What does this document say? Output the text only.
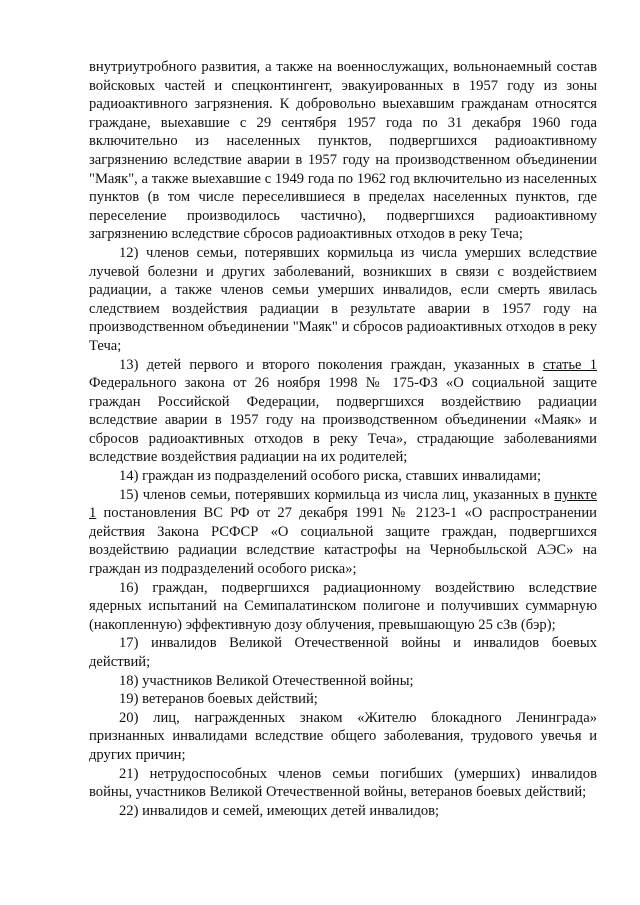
внутриутробного развития, а также на военнослужащих, вольнонаемный состав войсковых частей и спецконтингент, эвакуированных в 1957 году из зоны радиоактивного загрязнения. К добровольно выехавшим гражданам относятся граждане, выехавшие с 29 сентября 1957 года по 31 декабря 1960 года включительно из населенных пунктов, подвергшихся радиоактивному загрязнению вследствие аварии в 1957 году на производственном объединении "Маяк", а также выехавшие с 1949 года по 1962 год включительно из населенных пунктов (в том числе переселившиеся в пределах населенных пунктов, где переселение производилось частично), подвергшихся радиоактивному загрязнению вследствие сбросов радиоактивных отходов в реку Теча;

12) членов семьи, потерявших кормильца из числа умерших вследствие лучевой болезни и других заболеваний, возникших в связи с воздействием радиации, а также членов семьи умерших инвалидов, если смерть явилась следствием воздействия радиации в результате аварии в 1957 году на производственном объединении "Маяк" и сбросов радиоактивных отходов в реку Теча;

13) детей первого и второго поколения граждан, указанных в статье 1 Федерального закона от 26 ноября 1998 № 175-ФЗ «О социальной защите граждан Российской Федерации, подвергшихся воздействию радиации вследствие аварии в 1957 году на производственном объединении «Маяк» и сбросов радиоактивных отходов в реку Теча», страдающие заболеваниями вследствие воздействия радиации на их родителей;

14) граждан из подразделений особого риска, ставших инвалидами;

15) членов семьи, потерявших кормильца из числа лиц, указанных в пункте 1 постановления ВС РФ от 27 декабря 1991 № 2123-1 «О распространении действия Закона РСФСР «О социальной защите граждан, подвергшихся воздействию радиации вследствие катастрофы на Чернобыльской АЭС» на граждан из подразделений особого риска»;

16) граждан, подвергшихся радиационному воздействию вследствие ядерных испытаний на Семипалатинском полигоне и получивших суммарную (накопленную) эффективную дозу облучения, превышающую 25 сЗв (бэр);

17) инвалидов Великой Отечественной войны и инвалидов боевых действий;

18) участников Великой Отечественной войны;

19) ветеранов боевых действий;

20) лиц, награжденных знаком «Жителю блокадного Ленинграда» признанных инвалидами вследствие общего заболевания, трудового увечья и других причин;

21) нетрудоспособных членов семьи погибших (умерших) инвалидов войны, участников Великой Отечественной войны, ветеранов боевых действий;

22) инвалидов и семей, имеющих детей инвалидов;
